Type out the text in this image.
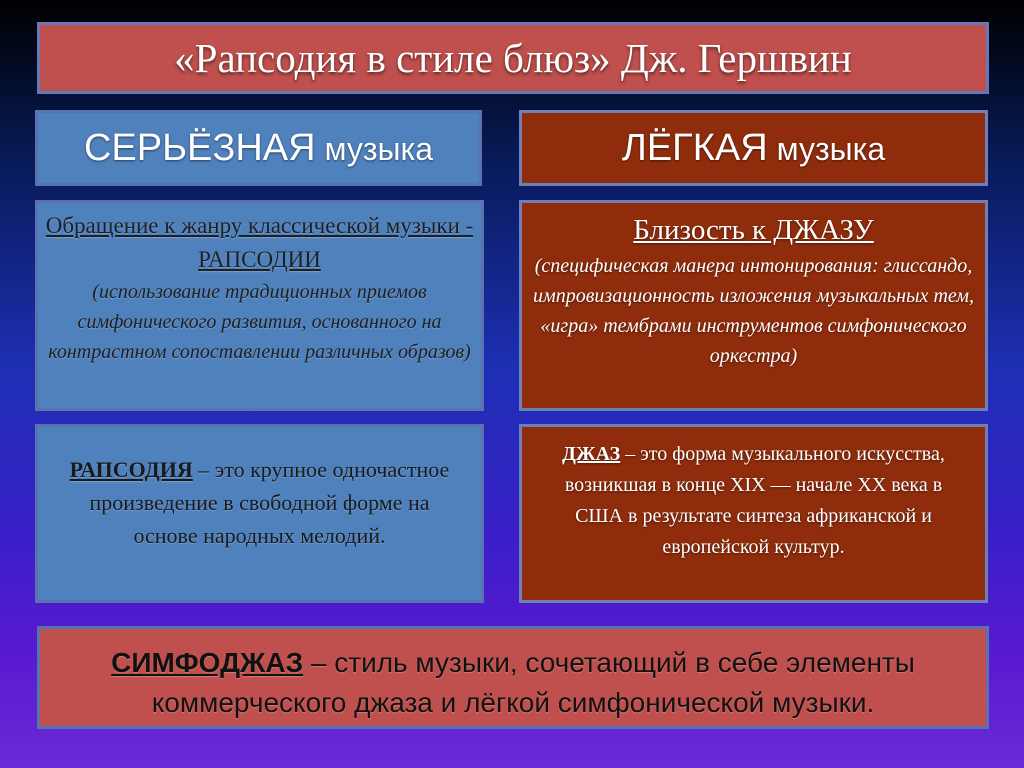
«Рапсодия в стиле блюз» Дж. Гершвин
СЕРЬЁЗНАЯ музыка	ЛЁГКАЯ музыка
Обращение к жанру классической музыки - РАПСОДИИ
(использование традиционных приемов симфонического развития, основанного на контрастном сопоставлении различных образов)
Близость к ДЖАЗУ
(специфическая манера интонирования: глиссандо, импровизационность изложения музыкальных тем, «игра» тембрами инструментов симфонического оркестра)
РАПСОДИЯ – это крупное одночастное произведение в свободной форме на основе народных мелодий.
ДЖАЗ – это форма музыкального искусства, возникшая в конце XIX — начале XX века в США в результате синтеза африканской и европейской культур.
СИМФОДЖАЗ – стиль музыки, сочетающий в себе элементы коммерческого джаза и лёгкой симфонической музыки.
